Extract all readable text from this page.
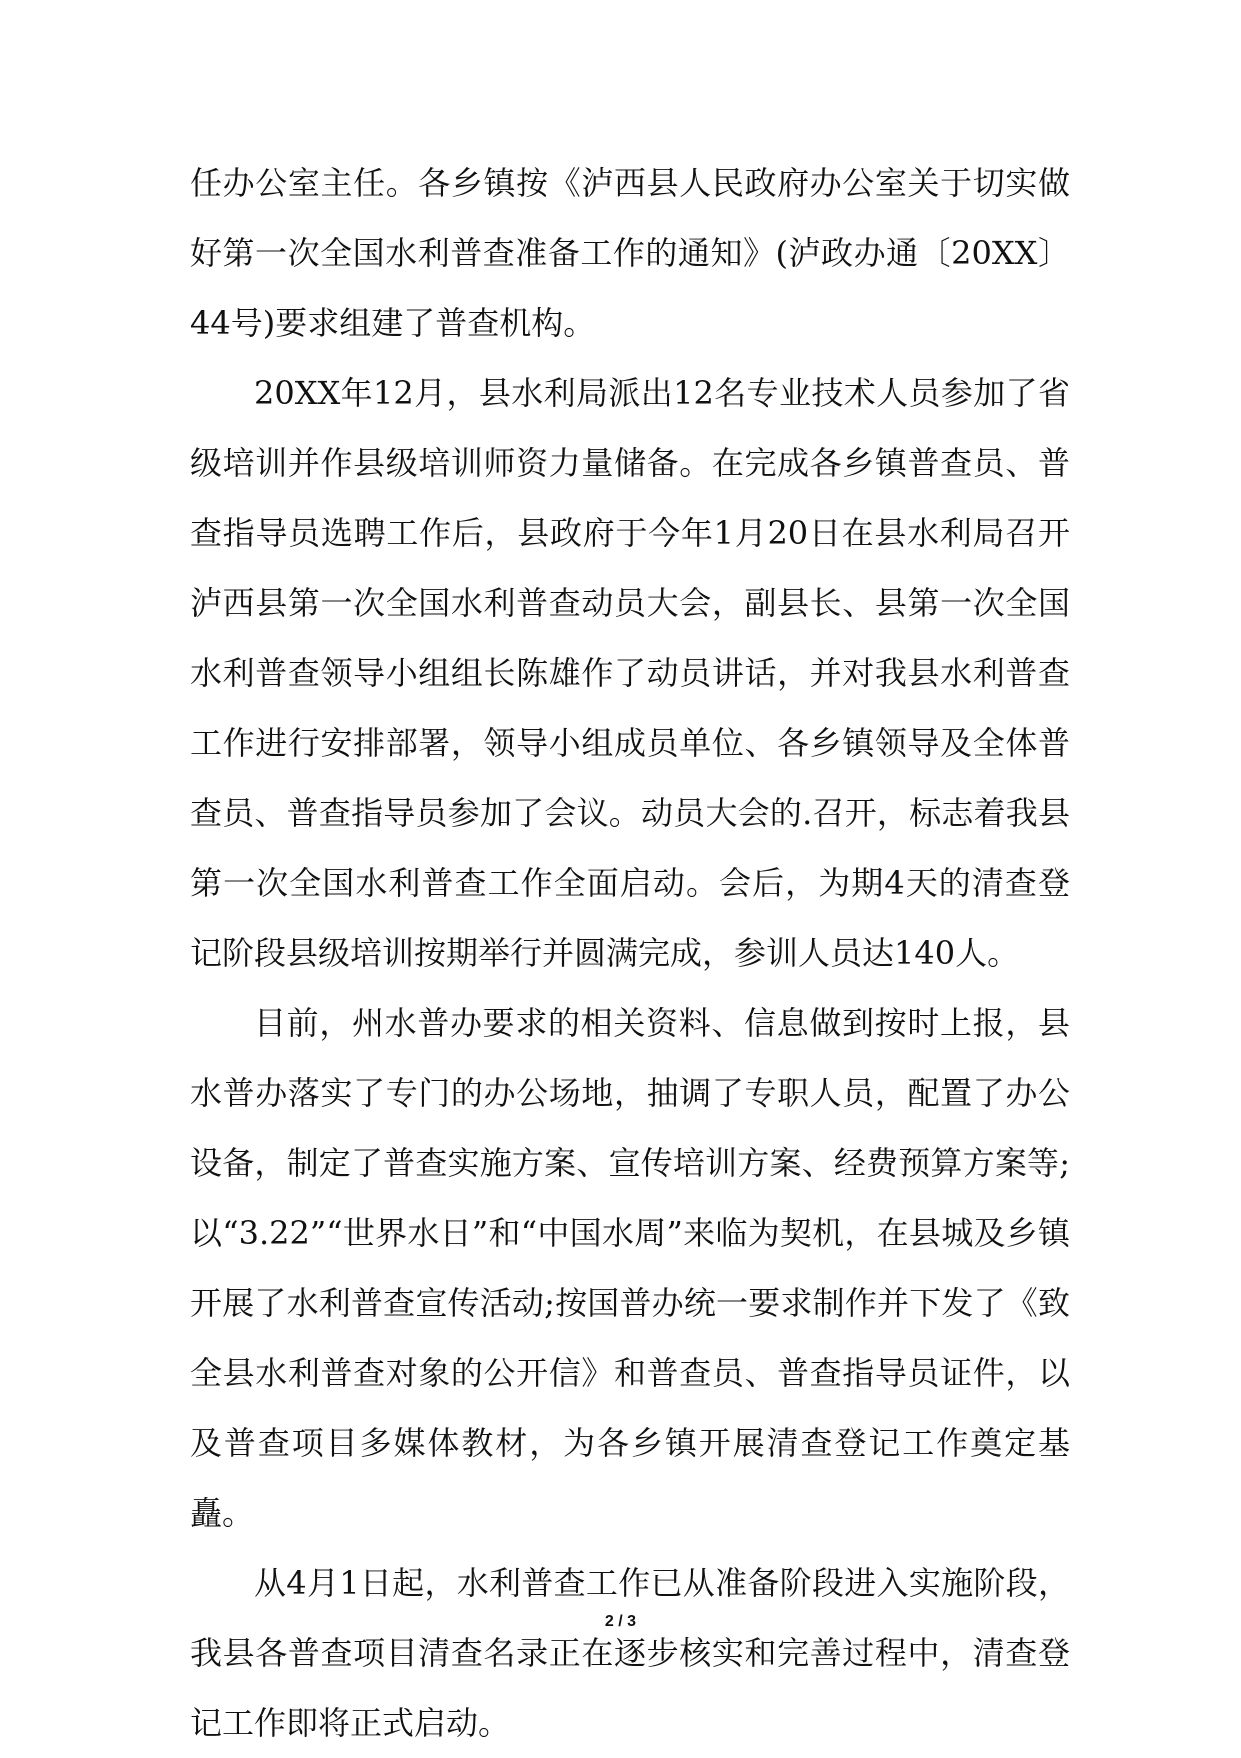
任办公室主任。各乡镇按《泸西县人民政府办公室关于切实做好第一次全国水利普查准备工作的通知》(泸政办通〔20XX〕44号)要求组建了普查机构。

20XX年12月，县水利局派出12名专业技术人员参加了省级培训并作县级培训师资力量储备。在完成各乡镇普查员、普查指导员选聘工作后，县政府于今年1月20日在县水利局召开泸西县第一次全国水利普查动员大会，副县长、县第一次全国水利普查领导小组组长陈雄作了动员讲话，并对我县水利普查工作进行安排部署，领导小组成员单位、各乡镇领导及全体普查员、普查指导员参加了会议。动员大会的.召开，标志着我县第一次全国水利普查工作全面启动。会后，为期4天的清查登记阶段县级培训按期举行并圆满完成，参训人员达140人。

目前，州水普办要求的相关资料、信息做到按时上报，县水普办落实了专门的办公场地，抽调了专职人员，配置了办公设备，制定了普查实施方案、宣传培训方案、经费预算方案等;以“3.22”“世界水日”和“中国水周”来临为契机，在县城及乡镇开展了水利普查宣传活动;按国普办统一要求制作并下发了《致全县水利普查对象的公开信》和普查员、普查指导员证件，以及普查项目多媒体教材，为各乡镇开展清查登记工作奠定基矗。

从4月1日起，水利普查工作已从准备阶段进入实施阶段，我县各普查项目清查名录正在逐步核实和完善过程中，清查登记工作即将正式启动。

2 / 3
